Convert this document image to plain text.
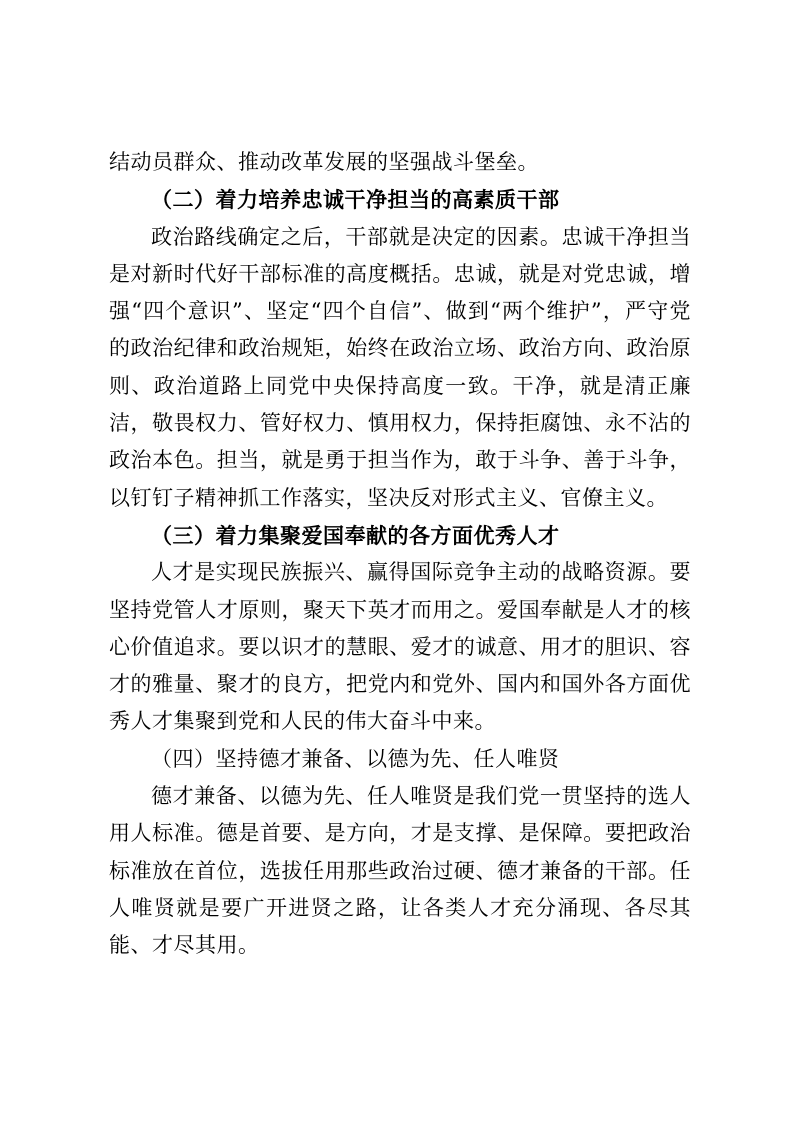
结动员群众、推动改革发展的坚强战斗堡垒。

（二）着力培养忠诚干净担当的高素质干部

政治路线确定之后，干部就是决定的因素。忠诚干净担当是对新时代好干部标准的高度概括。忠诚，就是对党忠诚，增强“四个意识”、坚定“四个自信”、做到“两个维护”，严守党的政治纪律和政治规矩，始终在政治立场、政治方向、政治原则、政治道路上同党中央保持高度一致。干净，就是清正廉洁，敬畏权力、管好权力、慎用权力，保持拒腐蚀、永不沾的政治本色。担当，就是勇于担当作为，敢于斗争、善于斗争，以钉钉子精神抓工作落实，坚决反对形式主义、官僚主义。

（三）着力集聚爱国奉献的各方面优秀人才

人才是实现民族振兴、赢得国际竞争主动的战略资源。要坚持党管人才原则，聚天下英才而用之。爱国奉献是人才的核心价值追求。要以识才的慧眼、爱才的诚意、用才的胆识、容才的雅量、聚才的良方，把党内和党外、国内和国外各方面优秀人才集聚到党和人民的伟大奋斗中来。

（四）坚持德才兼备、以德为先、任人唯贤

德才兼备、以德为先、任人唯贤是我们党一贯坚持的选人用人标准。德是首要、是方向，才是支撑、是保障。要把政治标准放在首位，选拔任用那些政治过硬、德才兼备的干部。任人唯贤就是要广开进贤之路，让各类人才充分涌现、各尽其能、才尽其用。
